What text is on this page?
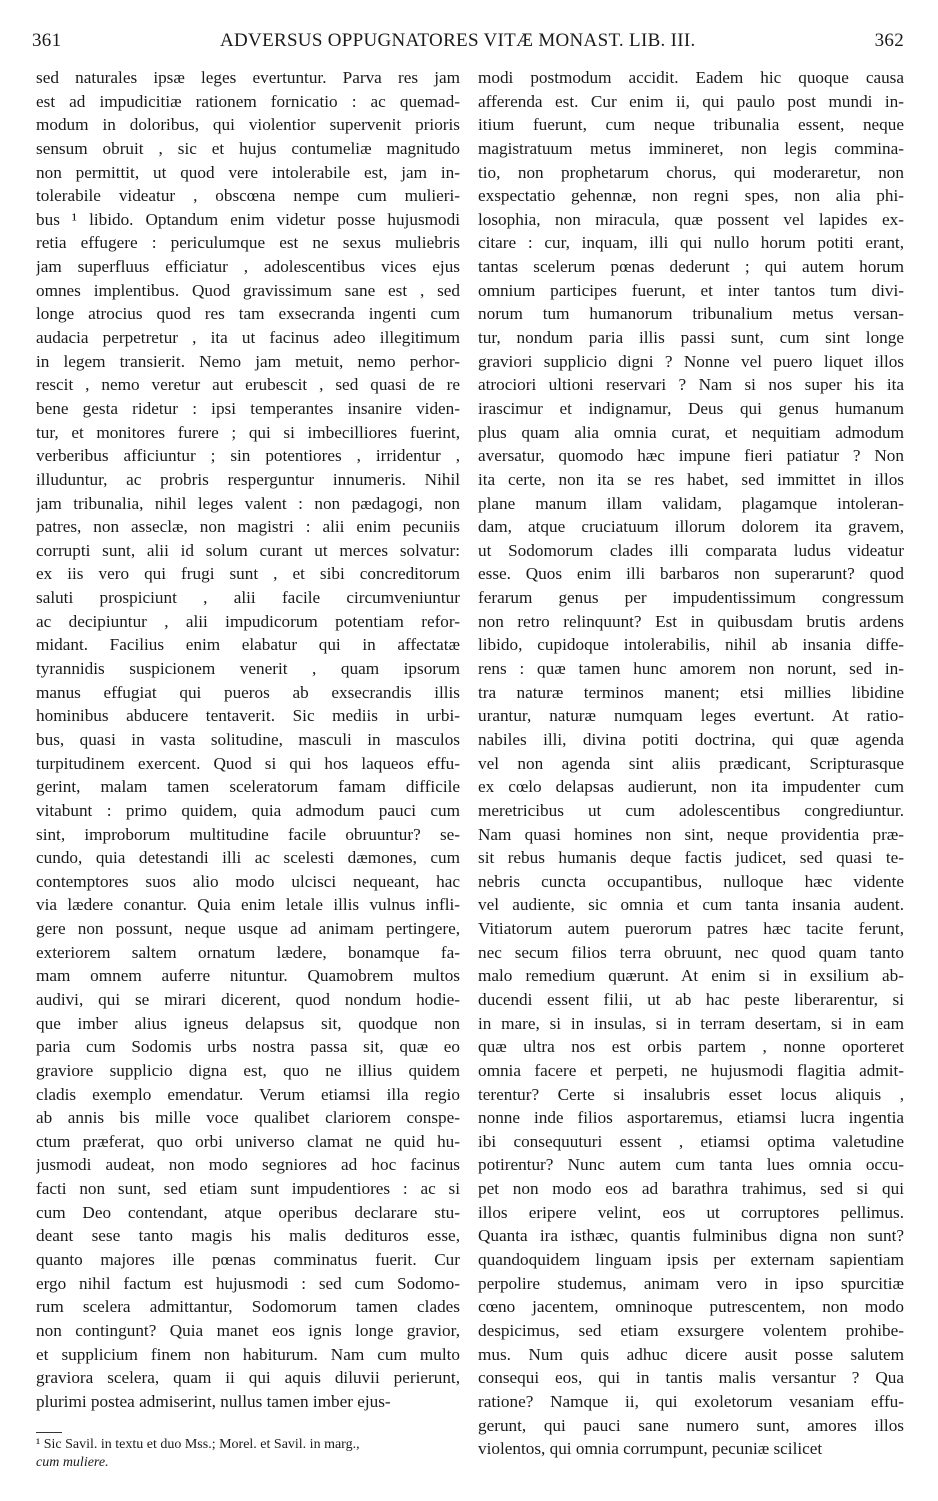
361	ADVERSUS OPPUGNATORES VITÆ MONAST. LIB. III.	362
sed naturales ipsæ leges evertuntur. Parva res jam
est ad impudicitiæ rationem fornicatio : ac quemad-
modum in doloribus, qui violentior supervenit prioris
sensum obruit , sic et hujus contumeliæ magnitudo
non permittit, ut quod vere intolerabile est, jam in-
tolerabile videatur , obscœna nempe cum mulieri-
bus ¹ libido. Optandum enim videtur posse hujusmodi
retia effugere : periculumque est ne sexus muliebris
jam superfluus efficiatur , adolescentibus vices ejus
omnes implentibus. Quod gravissimum sane est , sed
longe atrocius quod res tam exsecranda ingenti cum
audacia perpetretur , ita ut facinus adeo illegitimum
in legem transierit. Nemo jam metuit, nemo perhor-
rescit , nemo veretur aut erubescit , sed quasi de re
bene gesta ridetur : ipsi temperantes insanire viden-
tur, et monitores furere ; qui si imbecilliores fuerint,
verberibus afficiuntur ; sin potentiores , irridentur ,
illuduntur, ac probris resperguntur innumeris. Nihil
jam tribunalia, nihil leges valent : non pædagogi, non
patres, non asseclæ, non magistri : alii enim pecuniis
corrupti sunt, alii id solum curant ut merces solvatur:
ex iis vero qui frugi sunt , et sibi concreditorum
saluti prospiciunt , alii facile circumveniuntur
ac decipiuntur , alii impudicorum potentiam refor-
midant. Facilius enim elabatur qui in affectatæ
tyrannidis suspicionem venerit , quam ipsorum
manus effugiat qui pueros ab exsecrandis illis
hominibus abducere tentaverit. Sic mediis in urbi-
bus, quasi in vasta solitudine, masculi in masculos
turpitudinem exercent. Quod si qui hos laqueos effu-
gerint, malam tamen sceleratorum famam difficile
vitabunt : primo quidem, quia admodum pauci cum
sint, improborum multitudine facile obruuntur? se-
cundo, quia detestandi illi ac scelesti dæmones, cum
contemptores suos alio modo ulcisci nequeant, hac
via lædere conantur. Quia enim letale illis vulnus infli-
gere non possunt, neque usque ad animam pertingere,
exteriorem saltem ornatum lædere, bonamque fa-
mam omnem auferre nituntur. Quamobrem multos
audivi, qui se mirari dicerent, quod nondum hodie-
que imber alius igneus delapsus sit, quodque non
paria cum Sodomis urbs nostra passa sit, quæ eo
graviore supplicio digna est, quo ne illius quidem
cladis exemplo emendatur. Verum etiamsi illa regio
ab annis bis mille voce qualibet clariorem conspe-
ctum præferat, quo orbi universo clamat ne quid hu-
jusmodi audeat, non modo segniores ad hoc facinus
facti non sunt, sed etiam sunt impudentiores : ac si
cum Deo contendant, atque operibus declarare stu-
deant sese tanto magis his malis dedituros esse,
quanto majores ille pœnas comminatus fuerit. Cur
ergo nihil factum est hujusmodi : sed cum Sodomo-
rum scelera admittantur, Sodomorum tamen clades
non contingunt? Quia manet eos ignis longe gravior,
et supplicium finem non habiturum. Nam cum multo
graviora scelera, quam ii qui aquis diluvii perierunt,
plurimi postea admiserint, nullus tamen imber ejus-
modi postmodum accidit. Eadem hic quoque causa
afferenda est. Cur enim ii, qui paulo post mundi in-
itium fuerunt, cum neque tribunalia essent, neque
magistratuum metus immineret, non legis commina-
tio, non prophetarum chorus, qui moderaretur, non
exspectatio gehennæ, non regni spes, non alia phi-
losophia, non miracula, quæ possent vel lapides ex-
citare : cur, inquam, illi qui nullo horum potiti erant,
tantas scelerum pœnas dederunt ; qui autem horum
omnium participes fuerunt, et inter tantos tum divi-
norum tum humanorum tribunalium metus versan-
tur, nondum paria illis passi sunt, cum sint longe
graviori supplicio digni ? Nonne vel puero liquet illos
atrociori ultioni reservari ? Nam si nos super his ita
irascimur et indignamur, Deus qui genus humanum
plus quam alia omnia curat, et nequitiam admodum
aversatur, quomodo hæc impune fieri patiatur ? Non
ita certe, non ita se res habet, sed immittet in illos
plane manum illam validam, plagamque intoleran-
dam, atque cruciatuum illorum dolorem ita gravem,
ut Sodomorum clades illi comparata ludus videatur
esse. Quos enim illi barbaros non superarunt? quod
ferarum genus per impudentissimum congressum
non retro relinquunt? Est in quibusdam brutis ardens
libido, cupidoque intolerabilis, nihil ab insania diffe-
rens : quæ tamen hunc amorem non norunt, sed in-
tra naturæ terminos manent; etsi millies libidine
urantur, naturæ numquam leges evertunt. At ratio-
nabiles illi, divina potiti doctrina, qui quæ agenda
vel non agenda sint aliis prædicant, Scripturasque
ex cœlo delapsas audierunt, non ita impudenter cum
meretricibus ut cum adolescentibus congrediuntur.
Nam quasi homines non sint, neque providentia præ-
sit rebus humanis deque factis judicet, sed quasi te-
nebris cuncta occupantibus, nulloque hæc vidente
vel audiente, sic omnia et cum tanta insania audent.
Vitiatorum autem puerorum patres hæc tacite ferunt,
nec secum filios terra obruunt, nec quod quam tanto
malo remedium quærunt. At enim si in exsilium ab-
ducendi essent filii, ut ab hac peste liberarentur, si
in mare, si in insulas, si in terram desertam, si in eam
quæ ultra nos est orbis partem , nonne oporteret
omnia facere et perpeti, ne hujusmodi flagitia admit-
terentur? Certe si insalubris esset locus aliquis ,
nonne inde filios asportaremus, etiamsi lucra ingentia
ibi consequuturi essent , etiamsi optima valetudine
potirentur? Nunc autem cum tanta lues omnia occu-
pet non modo eos ad barathra trahimus, sed si qui
illos eripere velint, eos ut corruptores pellimus.
Quanta ira isthæc, quantis fulminibus digna non sunt?
quandoquidem linguam ipsis per externam sapientiam
perpolire studemus, animam vero in ipso spurcitiæ
cœno jacentem, omninoque putrescentem, non modo
despicimus, sed etiam exsurgere volentem prohibe-
mus. Num quis adhuc dicere ausit posse salutem
consequi eos, qui in tantis malis versantur ? Qua
ratione? Namque ii, qui exoletorum vesaniam effu-
gerunt, qui pauci sane numero sunt, amores illos
violentos, qui omnia corrumpunt, pecuniæ scilicet
¹ Sic Savil. in textu et duo Mss.; Morel. et Savil. in marg.,
cum muliere.
